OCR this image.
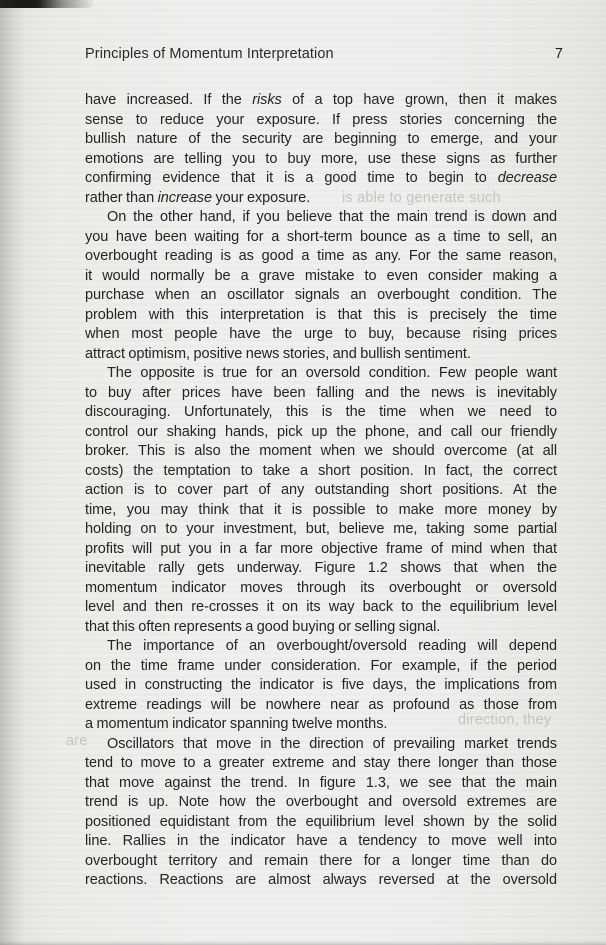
Principles of Momentum Interpretation	7
have increased. If the risks of a top have grown, then it makes
sense to reduce your exposure. If press stories concerning the
bullish nature of the security are beginning to emerge, and your
emotions are telling you to buy more, use these signs as further
confirming evidence that it is a good time to begin to decrease
rather than increase your exposure.
On the other hand, if you believe that the main trend is down and
you have been waiting for a short-term bounce as a time to sell, an
overbought reading is as good a time as any. For the same reason,
it would normally be a grave mistake to even consider making a
purchase when an oscillator signals an overbought condition. The
problem with this interpretation is that this is precisely the time
when most people have the urge to buy, because rising prices
attract optimism, positive news stories, and bullish sentiment.
The opposite is true for an oversold condition. Few people want
to buy after prices have been falling and the news is inevitably
discouraging. Unfortunately, this is the time when we need to
control our shaking hands, pick up the phone, and call our friendly
broker. This is also the moment when we should overcome (at all
costs) the temptation to take a short position. In fact, the correct
action is to cover part of any outstanding short positions. At the
time, you may think that it is possible to make more money by
holding on to your investment, but, believe me, taking some partial
profits will put you in a far more objective frame of mind when that
inevitable rally gets underway. Figure 1.2 shows that when the
momentum indicator moves through its overbought or oversold
level and then re-crosses it on its way back to the equilibrium level
that this often represents a good buying or selling signal.
The importance of an overbought/oversold reading will depend
on the time frame under consideration. For example, if the period
used in constructing the indicator is five days, the implications from
extreme readings will be nowhere near as profound as those from
a momentum indicator spanning twelve months.
Oscillators that move in the direction of prevailing market trends
tend to move to a greater extreme and stay there longer than those
that move against the trend. In figure 1.3, we see that the main
trend is up. Note how the overbought and oversold extremes are
positioned equidistant from the equilibrium level shown by the solid
line. Rallies in the indicator have a tendency to move well into
overbought territory and remain there for a longer time than do
reactions. Reactions are almost always reversed at the oversold
is able to generate such
direction, they
are
